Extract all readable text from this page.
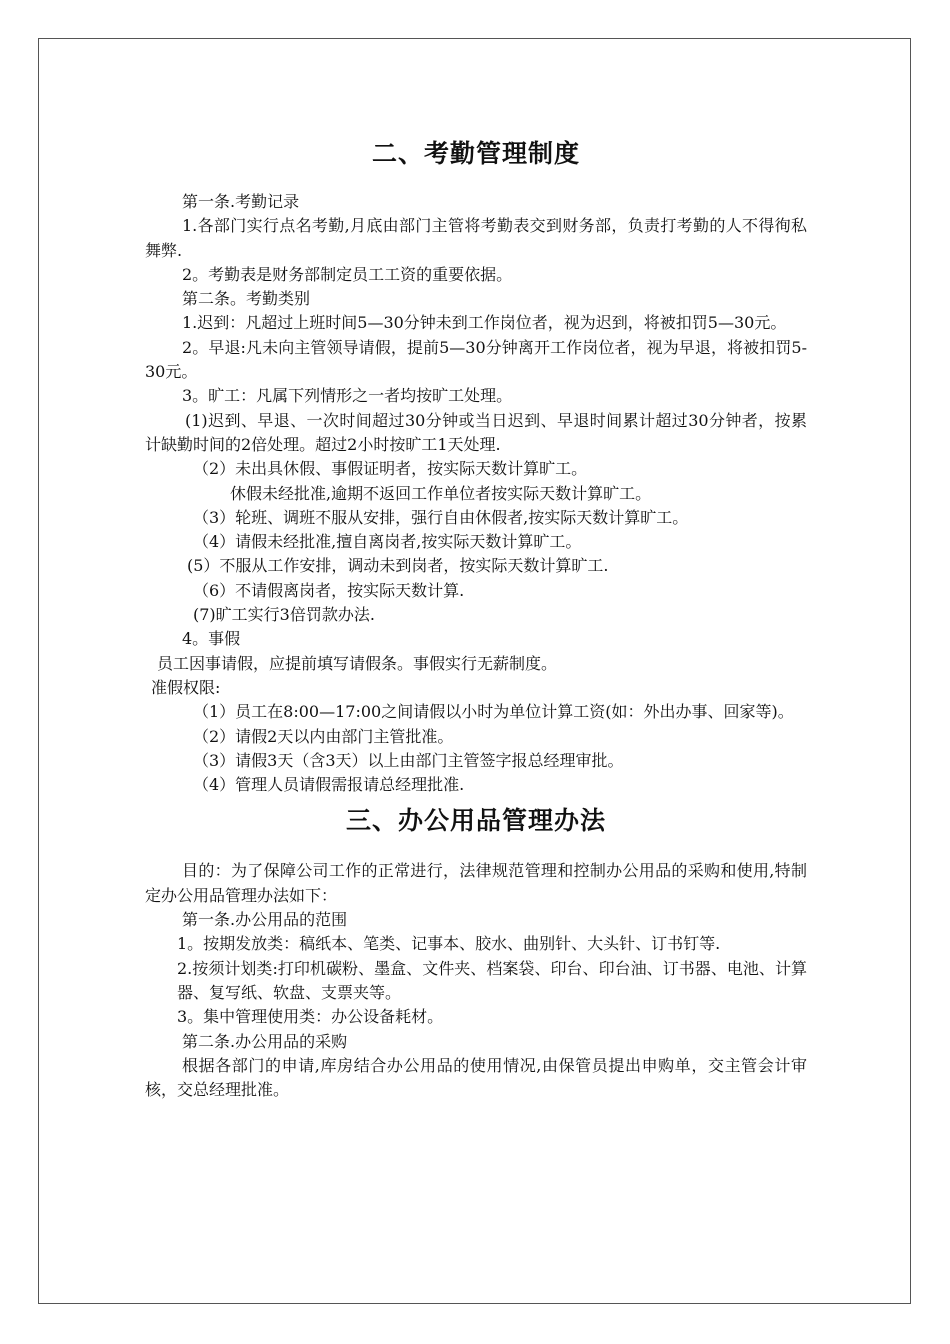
二、考勤管理制度

第一条.考勤记录

1.各部门实行点名考勤,月底由部门主管将考勤表交到财务部，负责打考勤的人不得徇私舞弊.

2。考勤表是财务部制定员工工资的重要依据。

第二条。考勤类别

1.迟到：凡超过上班时间5—30分钟未到工作岗位者，视为迟到，将被扣罚5—30元。

2。早退:凡未向主管领导请假，提前5—30分钟离开工作岗位者，视为早退，将被扣罚5-30元。

3。旷工：凡属下列情形之一者均按旷工处理。

(1)迟到、早退、一次时间超过30分钟或当日迟到、早退时间累计超过30分钟者，按累计缺勤时间的2倍处理。超过2小时按旷工1天处理.

（2）未出具休假、事假证明者，按实际天数计算旷工。

休假未经批准,逾期不返回工作单位者按实际天数计算旷工。

（3）轮班、调班不服从安排，强行自由休假者,按实际天数计算旷工。

（4）请假未经批准,擅自离岗者,按实际天数计算旷工。

(5）不服从工作安排，调动未到岗者，按实际天数计算旷工.

（6）不请假离岗者，按实际天数计算.

(7)旷工实行3倍罚款办法.

4。事假

员工因事请假，应提前填写请假条。事假实行无薪制度。

准假权限:

（1）员工在8:00—17:00之间请假以小时为单位计算工资(如：外出办事、回家等)。

（2）请假2天以内由部门主管批准。

（3）请假3天（含3天）以上由部门主管签字报总经理审批。

（4）管理人员请假需报请总经理批准.

三、办公用品管理办法

目的：为了保障公司工作的正常进行，法律规范管理和控制办公用品的采购和使用,特制定办公用品管理办法如下：

第一条.办公用品的范围

1。按期发放类：稿纸本、笔类、记事本、胶水、曲别针、大头针、订书钉等.

2.按须计划类:打印机碳粉、墨盒、文件夹、档案袋、印台、印台油、订书器、电池、计算器、复写纸、软盘、支票夹等。

3。集中管理使用类：办公设备耗材。

第二条.办公用品的采购

根据各部门的申请,库房结合办公用品的使用情况,由保管员提出申购单，交主管会计审核，交总经理批准。
